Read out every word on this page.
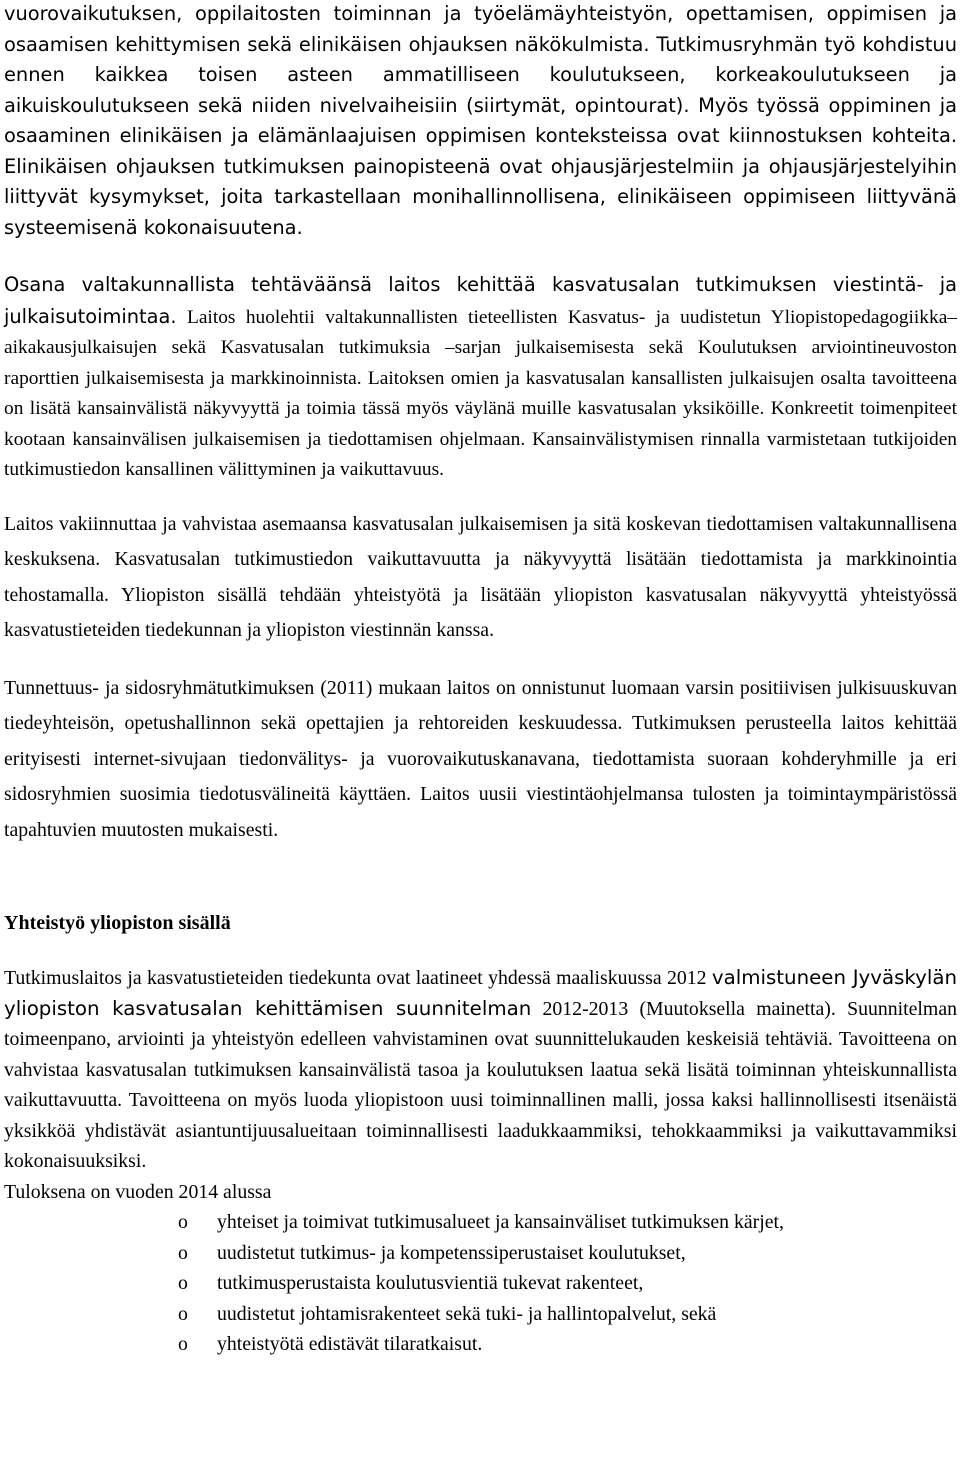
vuorovaikutuksen, oppilaitosten toiminnan ja työelämäyhteistyön, opettamisen, oppimisen ja osaamisen kehittymisen sekä elinikäisen ohjauksen näkökulmista. Tutkimusryhmän työ kohdistuu ennen kaikkea toisen asteen ammatilliseen koulutukseen, korkeakoulutukseen ja aikuiskoulutukseen sekä niiden nivelvaiheisiin (siirtymät, opintourat). Myös työssä oppiminen ja osaaminen elinikäisen ja elämänlaajuisen oppimisen konteksteissa ovat kiinnostuksen kohteita. Elinikäisen ohjauksen tutkimuksen painopisteenä ovat ohjausjärjestelmiin ja ohjausjärjestelyihin liittyvät kysymykset, joita tarkastellaan monihallinnollisena, elinikäiseen oppimiseen liittyvänä systeemisenä kokonaisuutena.

Osana valtakunnallista tehtäväänsä laitos kehittää kasvatusalan tutkimuksen viestintä- ja julkaisutoimintaa. Laitos huolehtii valtakunnallisten tieteellisten Kasvatus- ja uudistetun Yliopistopedagogiikka–aikakausjulkaisujen sekä Kasvatusalan tutkimuksia –sarjan julkaisemisesta sekä Koulutuksen arviointineuvoston raporttien julkaisemisesta ja markkinoinnista. Laitoksen omien ja kasvatusalan kansallisten julkaisujen osalta tavoitteena on lisätä kansainvälistä näkyvyyttä ja toimia tässä myös väylänä muille kasvatusalan yksiköille. Konkreetit toimenpiteet kootaan kansainvälisen julkaisemisen ja tiedottamisen ohjelmaan. Kansainvälistymisen rinnalla varmistetaan tutkijoiden tutkimustiedon kansallinen välittyminen ja vaikuttavuus.

Laitos vakiinnuttaa ja vahvistaa asemaansa kasvatusalan julkaisemisen ja sitä koskevan tiedottamisen valtakunnallisena keskuksena. Kasvatusalan tutkimustiedon vaikuttavuutta ja näkyvyyttä lisätään tiedottamista ja markkinointia tehostamalla. Yliopiston sisällä tehdään yhteistyötä ja lisätään yliopiston kasvatusalan näkyvyyttä yhteistyössä kasvatustieteiden tiedekunnan ja yliopiston viestinnän kanssa.

Tunnettuus- ja sidosryhmätutkimuksen (2011) mukaan laitos on onnistunut luomaan varsin positiivisen julkisuuskuvan tiedeyhteisön, opetushallinnon sekä opettajien ja rehtoreiden keskuudessa. Tutkimuksen perusteella laitos kehittää erityisesti internet-sivujaan tiedonvälitys- ja vuorovaikutuskanavana, tiedottamista suoraan kohderyhmille ja eri sidosryhmien suosimia tiedotusvälineitä käyttäen. Laitos uusii viestintäohjelmansa tulosten ja toimintaympäristössä tapahtuvien muutosten mukaisesti.

Yhteistyö yliopiston sisällä

Tutkimuslaitos ja kasvatustieteiden tiedekunta ovat laatineet yhdessä maaliskuussa 2012 valmistuneen Jyväskylän yliopiston kasvatusalan kehittämisen suunnitelman 2012-2013 (Muutoksella mainetta). Suunnitelman toimeenpano, arviointi ja yhteistyön edelleen vahvistaminen ovat suunnittelukauden keskeisiä tehtäviä. Tavoitteena on vahvistaa kasvatusalan tutkimuksen kansainvälistä tasoa ja koulutuksen laatua sekä lisätä toiminnan yhteiskunnallista vaikuttavuutta. Tavoitteena on myös luoda yliopistoon uusi toiminnallinen malli, jossa kaksi hallinnollisesti itsenäistä yksikköä yhdistävät asiantuntijuusalueitaan toiminnallisesti laadukkaammiksi, tehokkaammiksi ja vaikuttavammiksi kokonaisuuksiksi.
Tuloksena on vuoden 2014 alussa

o yhteiset ja toimivat tutkimusalueet ja kansainväliset tutkimuksen kärjet,
o uudistetut tutkimus- ja kompetenssiperustaiset koulutukset,
o tutkimusperustaista koulutusvientiä tukevat rakenteet,
o uudistetut johtamisrakenteet sekä tuki- ja hallintopalvelut, sekä
o yhteistyötä edistävät tilaratkaisut.
